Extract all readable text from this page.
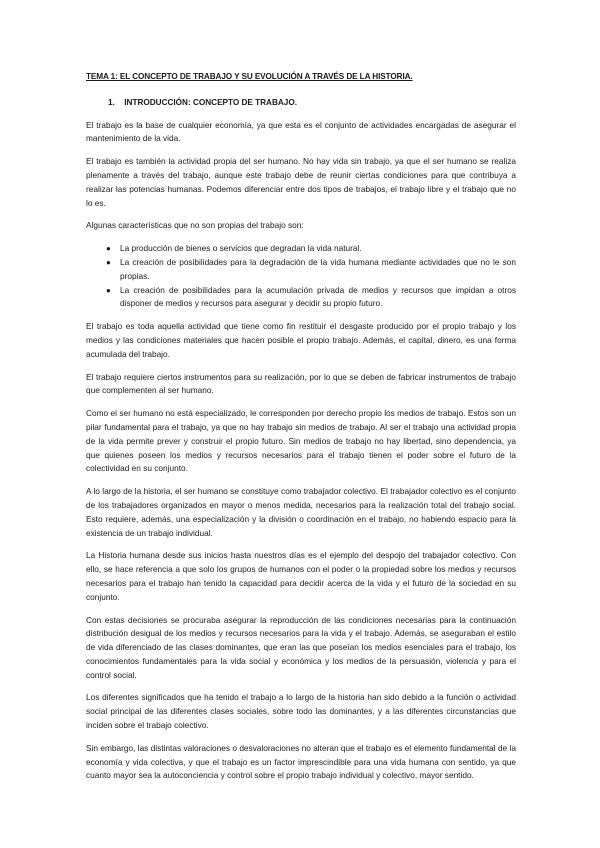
TEMA 1: EL CONCEPTO DE TRABAJO Y SU EVOLUCIÓN A TRAVÉS DE LA HISTORIA.
1. INTRODUCCIÓN: CONCEPTO DE TRABAJO.

El trabajo es la base de cualquier economía, ya que esta es el conjunto de actividades encargadas de asegurar el mantenimiento de la vida.

El trabajo es también la actividad propia del ser humano. No hay vida sin trabajo, ya que el ser humano se realiza plenamente a través del trabajo, aunque este trabajo debe de reunir ciertas condiciones para que contribuya a realizar las potencias humanas. Podemos diferenciar entre dos tipos de trabajos, el trabajo libre y el trabajo que no lo es.

Algunas características que no son propias del trabajo son:

● La producción de bienes o servicios que degradan la vida natural.
● La creación de posibilidades para la degradación de la vida humana mediante actividades que no le son propias.
● La creación de posibilidades para la acumulación privada de medios y recursos que impidan a otros disponer de medios y recursos para asegurar y decidir su propio futuro.

El trabajo es toda aquella actividad que tiene como fin restituir el desgaste producido por el propio trabajo y los medios y las condiciones materiales que hacen posible el propio trabajo. Además, el capital, dinero, es una forma acumulada del trabajo.

El trabajo requiere ciertos instrumentos para su realización, por lo que se deben de fabricar instrumentos de trabajo que complementen al ser humano.

Como el ser humano no está especializado, le corresponden por derecho propio los medios de trabajo. Estos son un pilar fundamental para el trabajo, ya que no hay trabajo sin medios de trabajo. Al ser el trabajo una actividad propia de la vida permite prever y construir el propio futuro. Sin medios de trabajo no hay libertad, sino dependencia, ya que quienes poseen los medios y recursos necesarios para el trabajo tienen el poder sobre el futuro de la colectividad en su conjunto.

A lo largo de la historia, el ser humano se constituye como trabajador colectivo. El trabajador colectivo es el conjunto de los trabajadores organizados en mayor o menos medida, necesarios para la realización total del trabajo social. Esto requiere, además, una especialización y la división o coordinación en el trabajo, no habiendo espacio para la existencia de un trabajo individual.

La Historia humana desde sus inicios hasta nuestros días es el ejemplo del despojo del trabajador colectivo. Con ello, se hace referencia a que solo los grupos de humanos con el poder o la propiedad sobre los medios y recursos necesarios para el trabajo han tenido la capacidad para decidir acerca de la vida y el futuro de la sociedad en su conjunto.

Con estas decisiones se procuraba asegurar la reproducción de las condiciones necesarias para la continuación distribución desigual de los medios y recursos necesarios para la vida y el trabajo. Además, se aseguraban el estilo de vida diferenciado de las clases dominantes, que eran las que poseían los medios esenciales para el trabajo, los conocimientos fundamentales para la vida social y económica y los medios de la persuasión, violencia y para el control social.

Los diferentes significados que ha tenido el trabajo a lo largo de la historia han sido debido a la función o actividad social principal de las diferentes clases sociales, sobre todo las dominantes, y a las diferentes circunstancias que inciden sobre el trabajo colectivo.

Sin embargo, las distintas valoraciones o desvaloraciones no alteran que el trabajo es el elemento fundamental de la economía y vida colectiva, y que el trabajo es un factor imprescindible para una vida humana con sentido, ya que cuanto mayor sea la autoconciencia y control sobre el propio trabajo individual y colectivo, mayor sentido.
